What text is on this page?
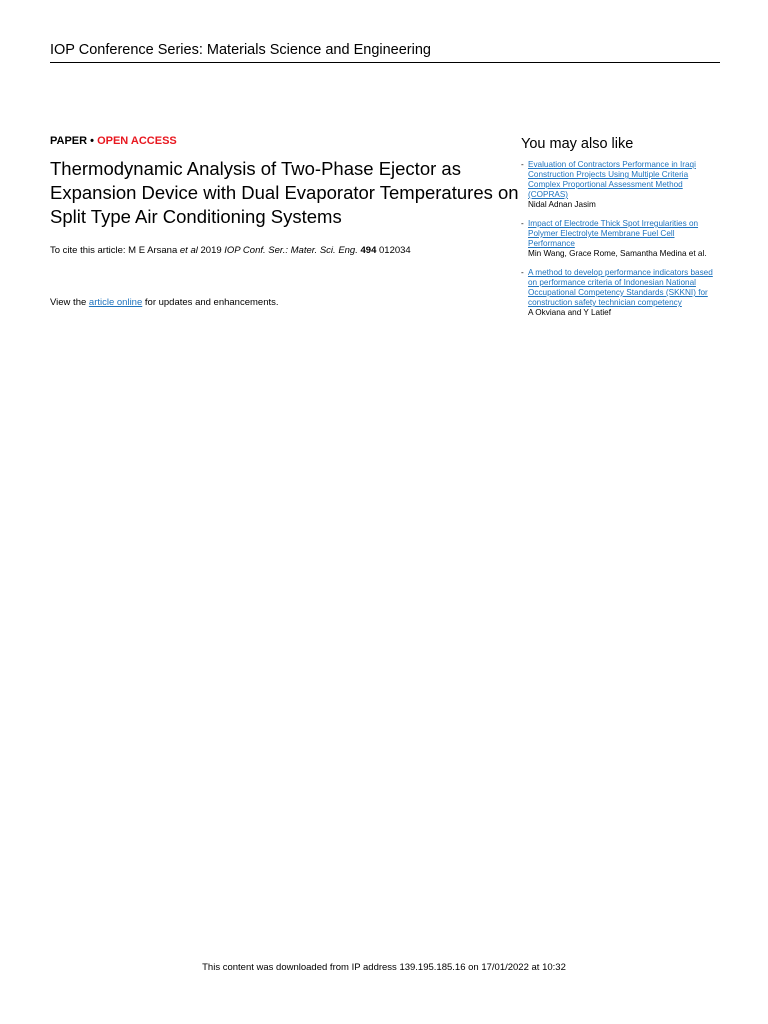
IOP Conference Series: Materials Science and Engineering
PAPER • OPEN ACCESS
Thermodynamic Analysis of Two-Phase Ejector as Expansion Device with Dual Evaporator Temperatures on Split Type Air Conditioning Systems
To cite this article: M E Arsana et al 2019 IOP Conf. Ser.: Mater. Sci. Eng. 494 012034
View the article online for updates and enhancements.
You may also like
- Evaluation of Contractors Performance in Iraqi Construction Projects Using Multiple Criteria Complex Proportional Assessment Method (COPRAS)
Nidal Adnan Jasim
- Impact of Electrode Thick Spot Irregularities on Polymer Electrolyte Membrane Fuel Cell Performance
Min Wang, Grace Rome, Samantha Medina et al.
- A method to develop performance indicators based on performance criteria of Indonesian National Occupational Competency Standards (SKKNI) for construction safety technician competency
A Okviana and Y Latief
This content was downloaded from IP address 139.195.185.16 on 17/01/2022 at 10:32
